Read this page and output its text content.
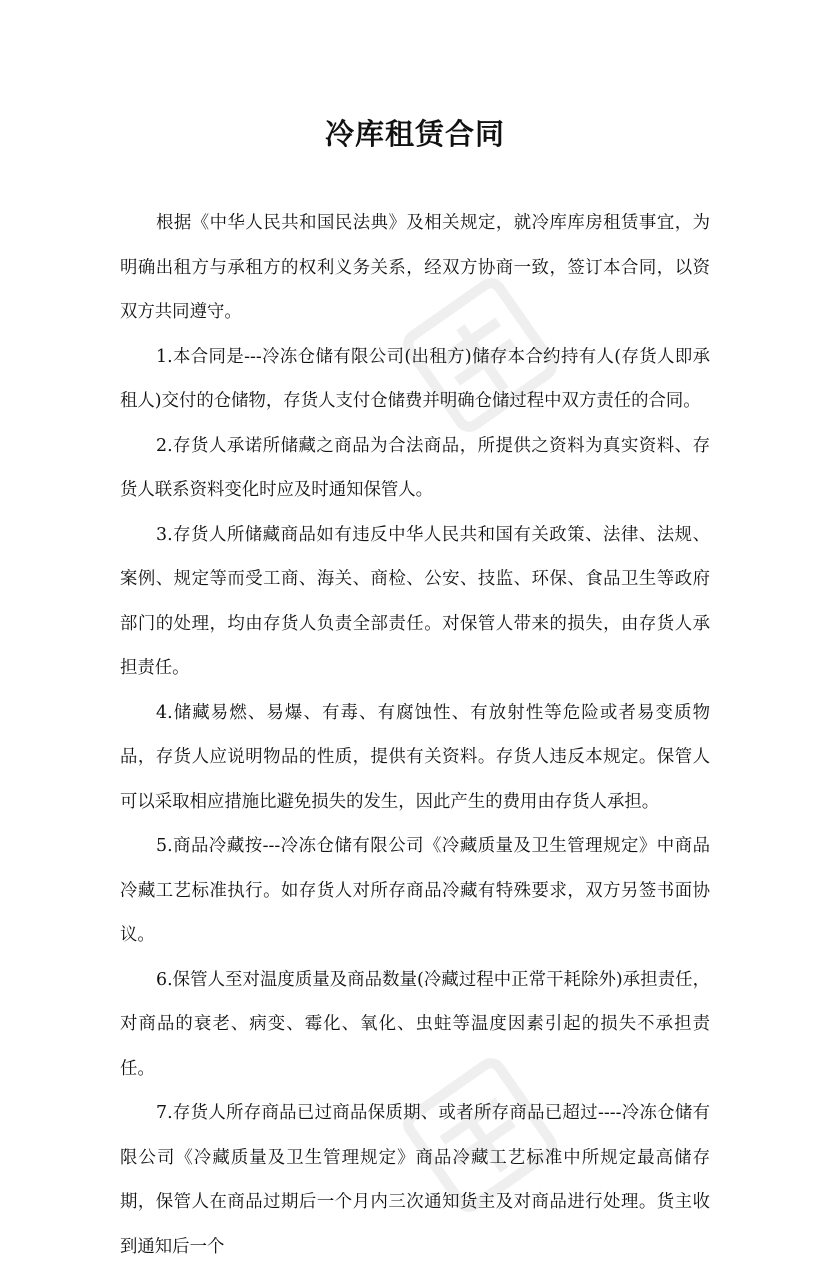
冷库租赁合同

根据《中华人民共和国民法典》及相关规定，就冷库库房租赁事宜，为明确出租方与承租方的权利义务关系，经双方协商一致，签订本合同，以资双方共同遵守。

1.本合同是---冷冻仓储有限公司(出租方)储存本合约持有人(存货人即承租人)交付的仓储物，存货人支付仓储费并明确仓储过程中双方责任的合同。

2.存货人承诺所储藏之商品为合法商品，所提供之资料为真实资料、存货人联系资料变化时应及时通知保管人。

3.存货人所储藏商品如有违反中华人民共和国有关政策、法律、法规、案例、规定等而受工商、海关、商检、公安、技监、环保、食品卫生等政府部门的处理，均由存货人负责全部责任。对保管人带来的损失，由存货人承担责任。

4.储藏易燃、易爆、有毒、有腐蚀性、有放射性等危险或者易变质物品，存货人应说明物品的性质，提供有关资料。存货人违反本规定。保管人可以采取相应措施比避免损失的发生，因此产生的费用由存货人承担。

5.商品冷藏按---冷冻仓储有限公司《冷藏质量及卫生管理规定》中商品冷藏工艺标准执行。如存货人对所存商品冷藏有特殊要求，双方另签书面协议。

6.保管人至对温度质量及商品数量(冷藏过程中正常干耗除外)承担责任，对商品的衰老、病变、霉化、氧化、虫蛀等温度因素引起的损失不承担责任。

7.存货人所存商品已过商品保质期、或者所存商品已超过----冷冻仓储有限公司《冷藏质量及卫生管理规定》商品冷藏工艺标准中所规定最高储存期，保管人在商品过期后一个月内三次通知货主及对商品进行处理。货主收到通知后一个
